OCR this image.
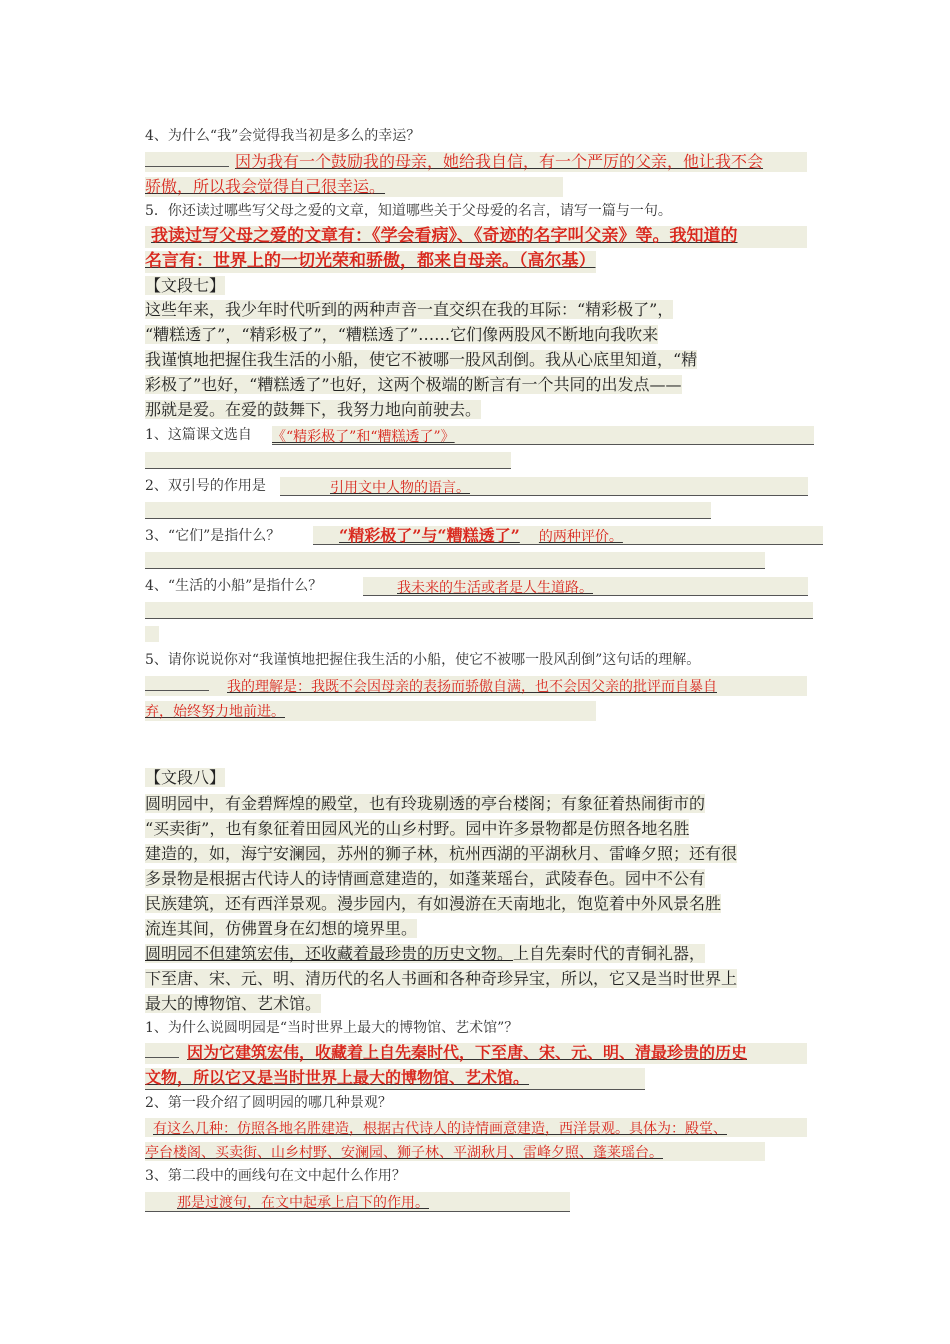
4、为什么“我”会觉得我当初是多么的幸运？
因为我有一个鼓励我的母亲，她给我自信，有一个严厉的父亲，他让我不会
骄傲，所以我会觉得自己很幸运。
5．你还读过哪些写父母之爱的文章，知道哪些关于父母爱的名言，请写一篇与一句。
我读过写父母之爱的文章有：《学会看病》、《奇迹的名字叫父亲》等。我知道的
名言有：世界上的一切光荣和骄傲，都来自母亲。（高尔基）
【文段七】
这些年来，我少年时代听到的两种声音一直交织在我的耳际：“精彩极了”，
“糟糕透了”，“精彩极了”，“糟糕透了”……它们像两股风不断地向我吹来
我谨慎地把握住我生活的小船，使它不被哪一股风刮倒。我从心底里知道，“精
彩极了”也好，“糟糕透了”也好，这两个极端的断言有一个共同的出发点——
那就是爱。在爱的鼓舞下，我努力地向前驶去。
1、这篇课文选自 《“精彩极了”和“糟糕透了”》
2、双引号的作用是	引用文中人物的语言。
3、“它们”是指什么？	“精彩极了”与“糟糕透了” 的两种评价。
4、“生活的小船”是指什么？	我未来的生活或者是人生道路。
5、请你说说你对“我谨慎地把握住我生活的小船，使它不被哪一股风刮倒”这句话的理解。
我的理解是：我既不会因母亲的表扬而骄傲自满，也不会因父亲的批评而自暴自
弃，始终努力地前进。
【文段八】
圆明园中，有金碧辉煌的殿堂，也有玲珑剔透的亭台楼阁；有象征着热闹街市的
“买卖街”，也有象征着田园风光的山乡村野。园中许多景物都是仿照各地名胜
建造的，如，海宁安澜园，苏州的狮子林，杭州西湖的平湖秋月、雷峰夕照；还有很
多景物是根据古代诗人的诗情画意建造的，如蓬莱瑶台，武陵春色。园中不公有
民族建筑，还有西洋景观。漫步园内，有如漫游在天南地北，饱览着中外风景名胜
流连其间，仿佛置身在幻想的境界里。
圆明园不但建筑宏伟，还收藏着最珍贵的历史文物。上自先秦时代的青铜礼器，
下至唐、宋、元、明、清历代的名人书画和各种奇珍异宝，所以，它又是当时世界上
最大的博物馆、艺术馆。
1、为什么说圆明园是“当时世界上最大的博物馆、艺术馆”？
因为它建筑宏伟，收藏着上自先秦时代，下至唐、宋、元、明、清最珍贵的历史
文物，所以它又是当时世界上最大的博物馆、艺术馆。
2、第一段介绍了圆明园的哪几种景观？
有这么几种：仿照各地名胜建造，根据古代诗人的诗情画意建造，西洋景观。具体为：殿堂、
亭台楼阁、买卖街、山乡村野、安澜园、狮子林、平湖秋月、雷峰夕照、蓬莱瑶台。
3、第二段中的画线句在文中起什么作用？
那是过渡句，在文中起承上启下的作用。
